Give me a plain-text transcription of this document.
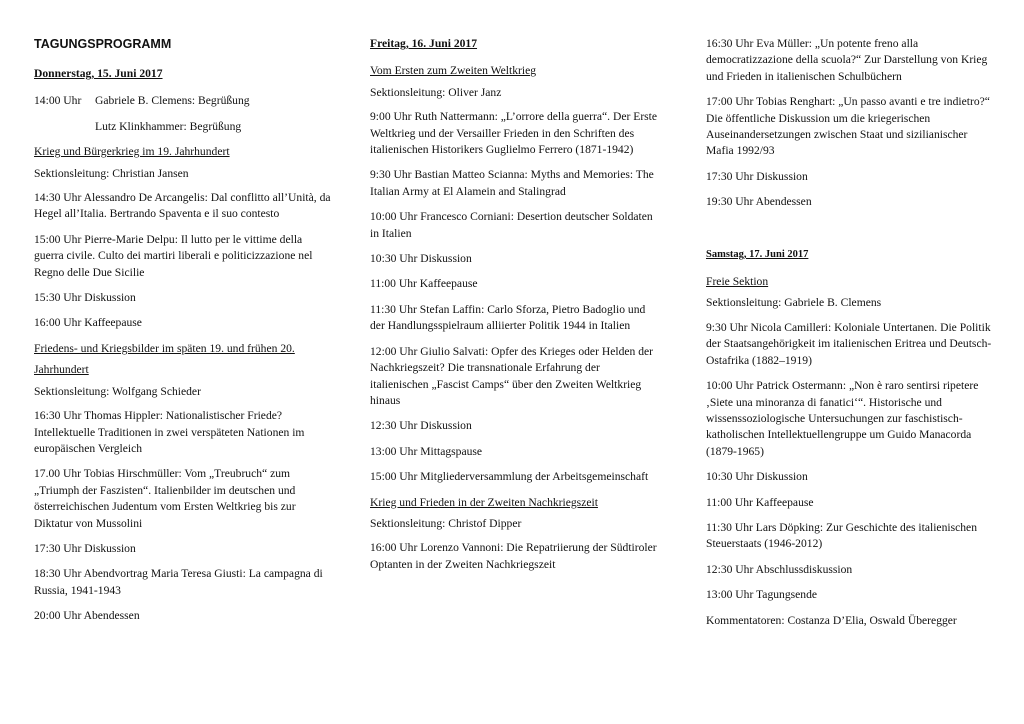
TAGUNGSPROGRAMM
Donnerstag, 15. Juni 2017
14:00 Uhr	Gabriele B. Clemens: Begrüßung
Lutz Klinkhammer: Begrüßung
Krieg und Bürgerkrieg im 19. Jahrhundert
Sektionsleitung: Christian Jansen
14:30 Uhr Alessandro De Arcangelis: Dal conflitto all’Unità, da Hegel all’Italia. Bertrando Spaventa e il suo contesto
15:00 Uhr Pierre-Marie Delpu: Il lutto per le vittime della guerra civile. Culto dei martiri liberali e politicizzazione nel Regno delle Due Sicilie
15:30 Uhr Diskussion
16:00 Uhr Kaffeepause
Friedens- und Kriegsbilder im späten 19. und frühen 20.
Jahrhundert
Sektionsleitung: Wolfgang Schieder
16:30 Uhr Thomas Hippler: Nationalistischer Friede? Intellektuelle Traditionen in zwei verspäteten Nationen im europäischen Vergleich
17.00 Uhr Tobias Hirschmüller: Vom „Treubruch“ zum „Triumph der Faszisten“. Italienbilder im deutschen und österreichischen Judentum vom Ersten Weltkrieg bis zur Diktatur von Mussolini
17:30 Uhr Diskussion
18:30 Uhr Abendvortrag Maria Teresa Giusti: La campagna di Russia, 1941-1943
20:00 Uhr Abendessen
Freitag, 16. Juni 2017
Vom Ersten zum Zweiten Weltkrieg
Sektionsleitung: Oliver Janz
9:00 Uhr Ruth Nattermann: „L’orrore della guerra“. Der Erste Weltkrieg und der Versailler Frieden in den Schriften des italienischen Historikers Guglielmo Ferrero (1871-1942)
9:30 Uhr Bastian Matteo Scianna: Myths and Memories: The Italian Army at El Alamein and Stalingrad
10:00 Uhr Francesco Corniani: Desertion deutscher Soldaten in Italien
10:30 Uhr Diskussion
11:00 Uhr Kaffeepause
11:30 Uhr Stefan Laffin: Carlo Sforza, Pietro Badoglio und der Handlungsspielraum alliierter Politik 1944 in Italien
12:00 Uhr Giulio Salvati: Opfer des Krieges oder Helden der Nachkriegszeit? Die transnationale Erfahrung der italienischen „Fascist Camps“ über den Zweiten Weltkrieg hinaus
12:30 Uhr Diskussion
13:00 Uhr Mittagspause
15:00 Uhr Mitgliederversammlung der Arbeitsgemeinschaft
Krieg und Frieden in der Zweiten Nachkriegszeit
Sektionsleitung: Christof Dipper
16:00 Uhr Lorenzo Vannoni: Die Repatriierung der Südtiroler Optanten in der Zweiten Nachkriegszeit
16:30 Uhr Eva Müller: „Un potente freno alla democratizzazione della scuola?“ Zur Darstellung von Krieg und Frieden in italienischen Schulbüchern
17:00 Uhr Tobias Renghart: „Un passo avanti e tre indietro?“ Die öffentliche Diskussion um die kriegerischen Auseinandersetzungen zwischen Staat und sizilianischer Mafia 1992/93
17:30 Uhr Diskussion
19:30 Uhr Abendessen
Samstag, 17. Juni 2017
Freie Sektion
Sektionsleitung: Gabriele B. Clemens
9:30 Uhr Nicola Camilleri: Koloniale Untertanen. Die Politik der Staatsangehörigkeit im italienischen Eritrea und Deutsch-Ostafrika (1882–1919)
10:00 Uhr Patrick Ostermann: „Non è raro sentirsi ripetere ‚Siete una minoranza di fanatici‘“. Historische und wissenssoziologische Untersuchungen zur faschistisch-katholischen Intellektuellengruppe um Guido Manacorda (1879-1965)
10:30 Uhr Diskussion
11:00 Uhr Kaffeepause
11:30 Uhr Lars Döpking: Zur Geschichte des italienischen Steuerstaats (1946-2012)
12:30 Uhr Abschlussdiskussion
13:00 Uhr Tagungsende
Kommentatoren: Costanza D’Elia, Oswald Überegger
